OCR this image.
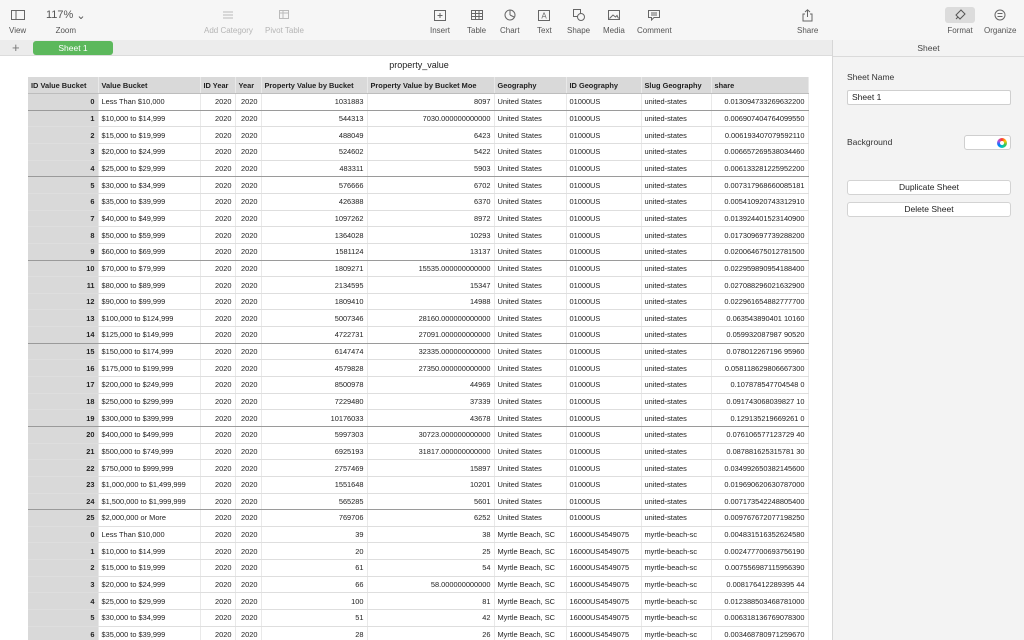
View
117%
⌄
Zoom	Add Category Pivot Table	Insert Table Chart
A
Text Shape Media Comment	Share	Format Organize
+	Sheet 1
property_value
ID Value Bucket	Value Bucket	ID Year	Year	Property Value by Bucket	Property Value by Bucket Moe	Geography	ID Geography	Slug Geography	share
0	Less Than $10,000	2020	2020	1031883	8097	United States	01000US	united-states	0.013094733269632200
1	$10,000 to $14,999	2020	2020	544313	7030.000000000000	United States	01000US	united-states	0.006907404764099550
2	$15,000 to $19,999	2020	2020	488049	6423	United States	01000US	united-states	0.006193407079592110
3	$20,000 to $24,999	2020	2020	524602	5422	United States	01000US	united-states	0.006657269538034460
4	$25,000 to $29,999	2020	2020	483311	5903	United States	01000US	united-states	0.006133281225952200
5	$30,000 to $34,999	2020	2020	576666	6702	United States	01000US	united-states	0.007317968660085181
6	$35,000 to $39,999	2020	2020	426388	6370	United States	01000US	united-states	0.005410920743312910
7	$40,000 to $49,999	2020	2020	1097262	8972	United States	01000US	united-states	0.013924401523140900
8	$50,000 to $59,999	2020	2020	1364028	10293	United States	01000US	united-states	0.017309697739288200
9	$60,000 to $69,999	2020	2020	1581124	13137	United States	01000US	united-states	0.020064675012781500
10	$70,000 to $79,999	2020	2020	1809271	15535.000000000000	United States	01000US	united-states	0.022959890954188400
11	$80,000 to $89,999	2020	2020	2134595	15347	United States	01000US	united-states	0.027088296021632900
12	$90,000 to $99,999	2020	2020	1809410	14988	United States	01000US	united-states	0.022961654882777700
13	$100,000 to $124,999	2020	2020	5007346	28160.000000000000	United States	01000US	united-states	0.063543890401 10160
14	$125,000 to $149,999	2020	2020	4722731	27091.000000000000	United States	01000US	united-states	0.059932087987 90520
15	$150,000 to $174,999	2020	2020	6147474	32335.000000000000	United States	01000US	united-states	0.078012267196 95960
16	$175,000 to $199,999	2020	2020	4579828	27350.000000000000	United States	01000US	united-states	0.058118629806667300
17	$200,000 to $249,999	2020	2020	8500978	44969	United States	01000US	united-states	0.107878547704548 0
18	$250,000 to $299,999	2020	2020	7229480	37339	United States	01000US	united-states	0.091743068039827 10
19	$300,000 to $399,999	2020	2020	10176033	43678	United States	01000US	united-states	0.129135219669261 0
20	$400,000 to $499,999	2020	2020	5997303	30723.000000000000	United States	01000US	united-states	0.076106577123729 40
21	$500,000 to $749,999	2020	2020	6925193	31817.000000000000	United States	01000US	united-states	0.087881625315781 30
22	$750,000 to $999,999	2020	2020	2757469	15897	United States	01000US	united-states	0.034992650382145600
23	$1,000,000 to $1,499,999	2020	2020	1551648	10201	United States	01000US	united-states	0.019690620630787000
24	$1,500,000 to $1,999,999	2020	2020	565285	5601	United States	01000US	united-states	0.007173542248805400
25	$2,000,000 or More	2020	2020	769706	6252	United States	01000US	united-states	0.009767672077198250
0	Less Than $10,000	2020	2020	39	38	Myrtle Beach, SC	16000US4549075	myrtle-beach-sc	0.004831516352624580
1	$10,000 to $14,999	2020	2020	20	25	Myrtle Beach, SC	16000US4549075	myrtle-beach-sc	0.002477700693756190
2	$15,000 to $19,999	2020	2020	61	54	Myrtle Beach, SC	16000US4549075	myrtle-beach-sc	0.007556987115956390
3	$20,000 to $24,999	2020	2020	66	58.000000000000	Myrtle Beach, SC	16000US4549075	myrtle-beach-sc	0.008176412289395 44
4	$25,000 to $29,999	2020	2020	100	81	Myrtle Beach, SC	16000US4549075	myrtle-beach-sc	0.012388503468781000
5	$30,000 to $34,999	2020	2020	51	42	Myrtle Beach, SC	16000US4549075	myrtle-beach-sc	0.006318136769078300
6	$35,000 to $39,999	2020	2020	28	26	Myrtle Beach, SC	16000US4549075	myrtle-beach-sc	0.003468780971259670
Sheet
Sheet Name
Sheet 1
Background
Duplicate Sheet
Delete Sheet
